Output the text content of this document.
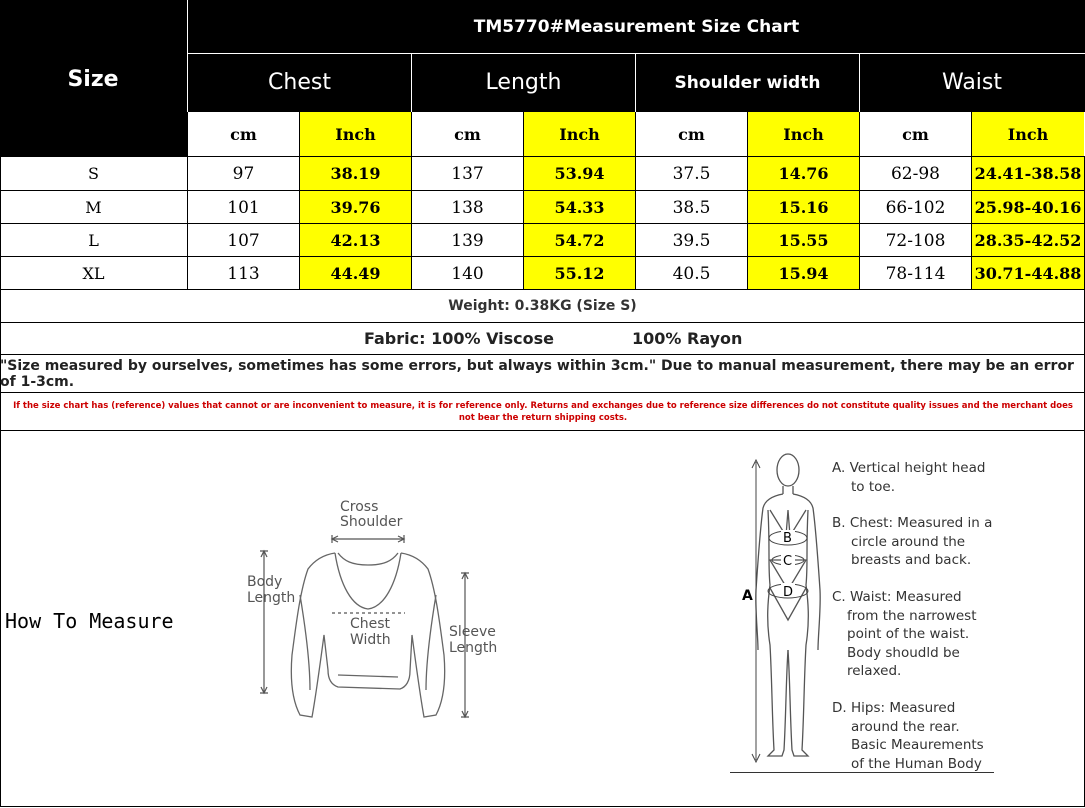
TM5770#Measurement Size Chart
Size	Chest	Length	Shoulder width	Waist
cm	Inch	cm	Inch	cm	Inch	cm	Inch
S	97	38.19	137	53.94	37.5	14.76	62-98	24.41-38.58
M	101	39.76	138	54.33	38.5	15.16	66-102	25.98-40.16
L	107	42.13	139	54.72	39.5	15.55	72-108	28.35-42.52
XL	113	44.49	140	55.12	40.5	15.94	78-114	30.71-44.88
Weight: 0.38KG (Size S)
Fabric: 100% Viscose	100% Rayon
"Size measured by ourselves, sometimes has some errors, but always within 3cm." Due to manual measurement, there may be an error of 1-3cm.
If the size chart has (reference) values that cannot or are inconvenient to measure, it is for reference only. Returns and exchanges due to reference size differences do not constitute quality issues and the merchant does not bear the return shipping costs.
How To Measure
Cross
Shoulder
Body
Length
Chest
Width	Sleeve
Length
A
B
C
D
A. Vertical height head
to toe.
B. Chest: Measured in a
circle around the
breasts and back.
C. Waist: Measured
from the narrowest
point of the waist.
Body shoudld be
relaxed.
D. Hips: Measured
around the rear.
Basic Meaurements
of the Human Body
